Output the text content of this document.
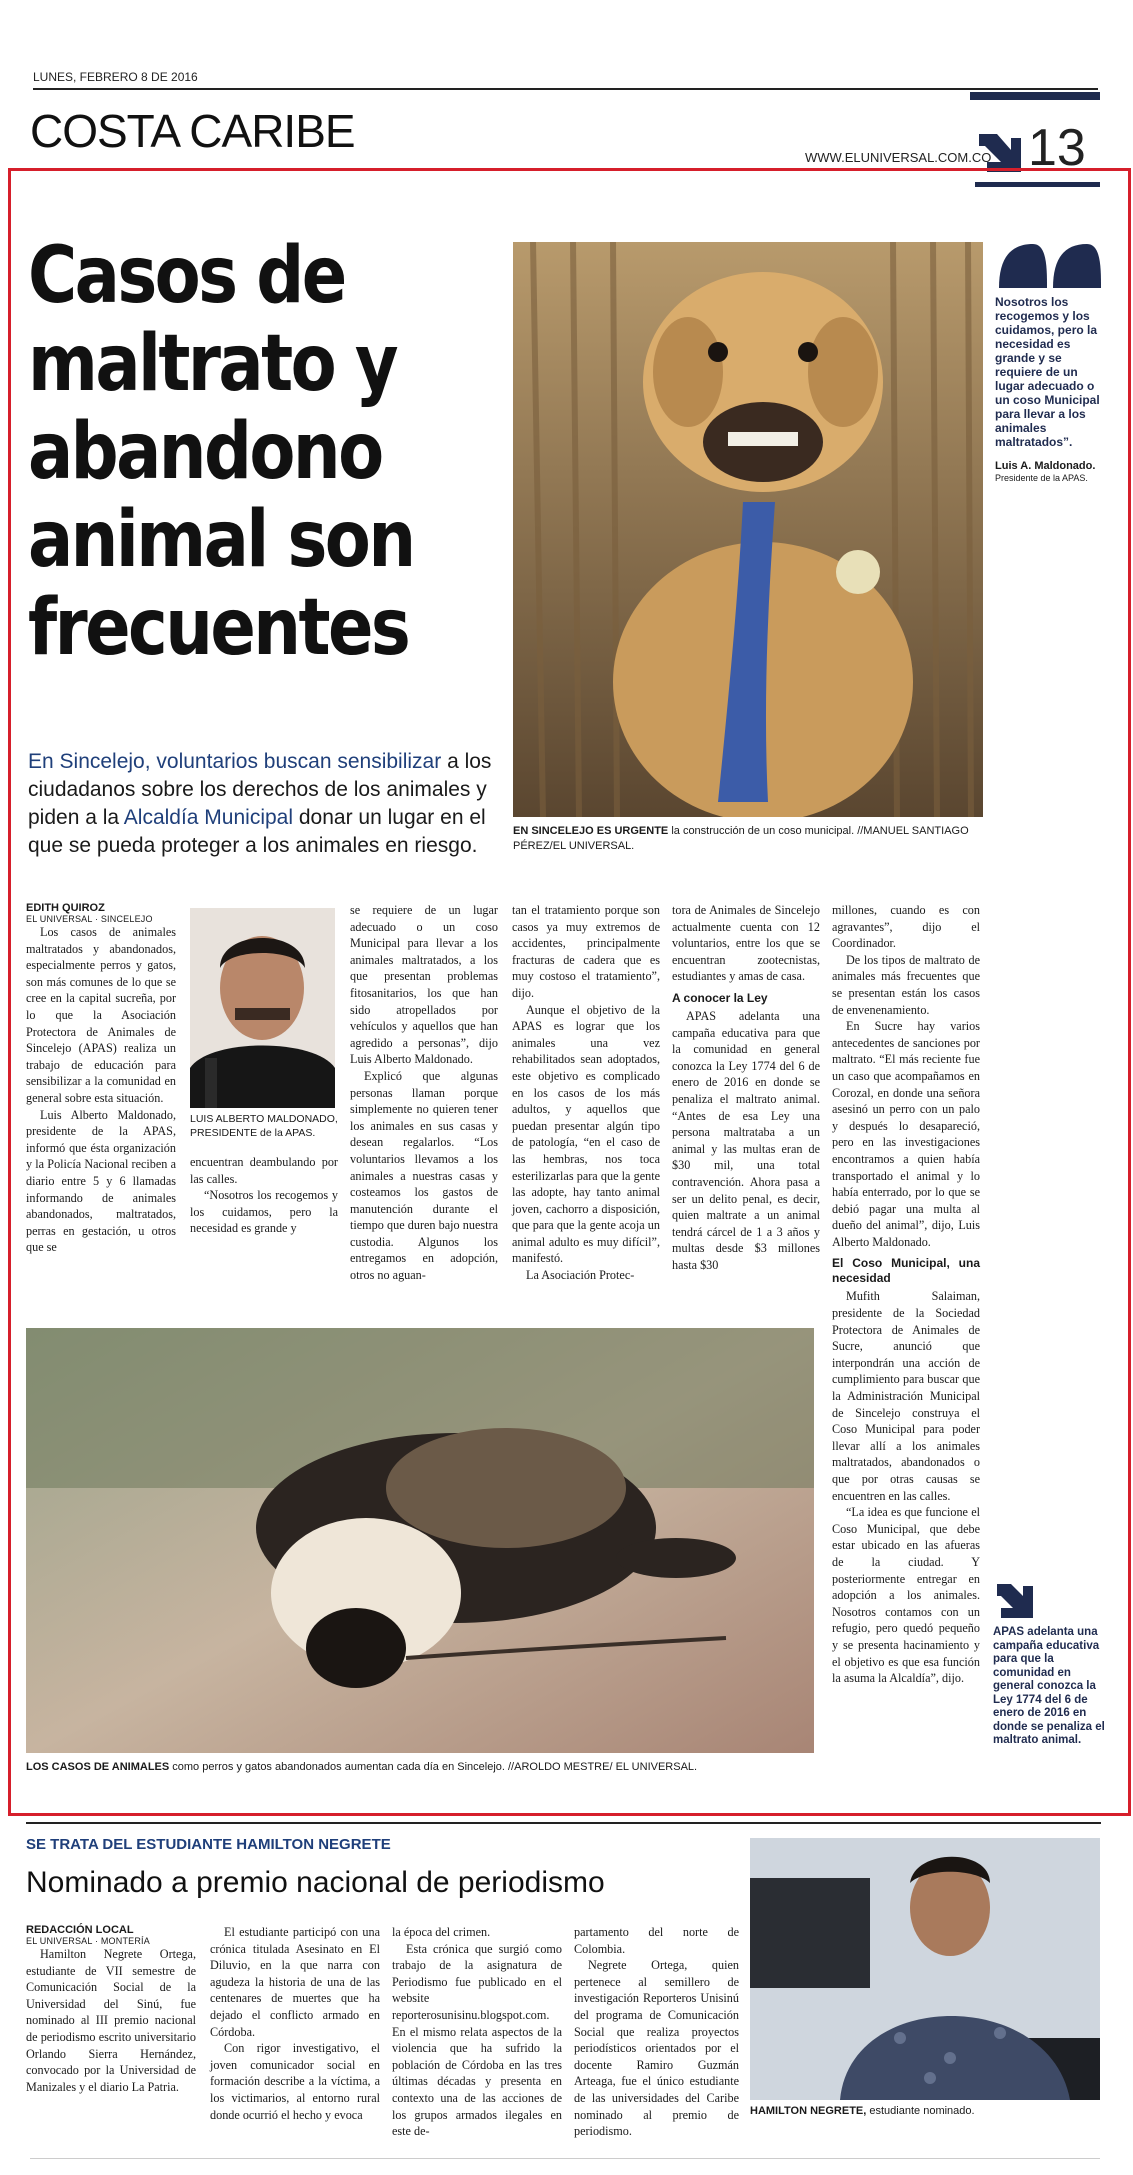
LUNES, FEBRERO 8 DE 2016
COSTA CARIBE
WWW.ELUNIVERSAL.COM.CO 13
Casos de maltrato y abandono animal son frecuentes
En Sincelejo, voluntarios buscan sensibilizar a los ciudadanos sobre los derechos de los animales y piden a la Alcaldía Municipal donar un lugar en el que se pueda proteger a los animales en riesgo.
EN SINCELEJO ES URGENTE la construcción de un coso municipal. //MANUEL SANTIAGO PÉREZ/EL UNIVERSAL.
Nosotros los recogemos y los cuidamos, pero la necesidad es grande y se requiere de un lugar adecuado o un coso Municipal para llevar a los animales maltratados”.
Luis A. Maldonado.
Presidente de la APAS.
EDITH QUIROZ
EL UNIVERSAL · SINCELEJO

Los casos de animales maltratados y abandonados, especialmente perros y gatos, son más comunes de lo que se cree en la capital sucreña, por lo que la Asociación Protectora de Animales de Sincelejo (APAS) realiza un trabajo de educación para sensibilizar a la comunidad en general sobre esta situación.

Luis Alberto Maldonado, presidente de la APAS, informó que ésta organización y la Policía Nacional reciben a diario entre 5 y 6 llamadas informando de animales abandonados, maltratados, perras en gestación, u otros que se

LUIS ALBERTO MALDONADO, PRESIDENTE de la APAS.

encuentran deambulando por las calles.

“Nosotros los recogemos y los cuidamos, pero la necesidad es grande y

se requiere de un lugar adecuado o un coso Municipal para llevar a los animales maltratados, a los que presentan problemas fitosanitarios, los que han sido atropellados por vehículos y aquellos que han agredido a personas”, dijo Luis Alberto Maldonado.

Explicó que algunas personas llaman porque simplemente no quieren tener los animales en sus casas y desean regalarlos. “Los voluntarios llevamos a los animales a nuestras casas y costeamos los gastos de manutención durante el tiempo que duren bajo nuestra custodia. Algunos los entregamos en adopción, otros no aguan-

tan el tratamiento porque son casos ya muy extremos de accidentes, principalmente fracturas de cadera que es muy costoso el tratamiento”, dijo.

Aunque el objetivo de la APAS es lograr que los animales una vez rehabilitados sean adoptados, este objetivo es complicado en los casos de los más adultos, y aquellos que puedan presentar algún tipo de patología, “en el caso de las hembras, nos toca esterilizarlas para que la gente las adopte, hay tanto animal joven, cachorro a disposición, que para que la gente acoja un animal adulto es muy difícil”, manifestó.

La Asociación Protec-

tora de Animales de Sincelejo actualmente cuenta con 12 voluntarios, entre los que se encuentran zootecnistas, estudiantes y amas de casa.

A conocer la Ley

APAS adelanta una campaña educativa para que la comunidad en general conozca la Ley 1774 del 6 de enero de 2016 en donde se penaliza el maltrato animal. “Antes de esa Ley una persona maltrataba a un animal y las multas eran de $30 mil, una total contravención. Ahora pasa a ser un delito penal, es decir, quien maltrate a un animal tendrá cárcel de 1 a 3 años y multas desde $3 millones hasta $30

millones, cuando es con agravantes”, dijo el Coordinador.

De los tipos de maltrato de animales más frecuentes que se presentan están los casos de envenenamiento.

En Sucre hay varios antecedentes de sanciones por maltrato. “El más reciente fue un caso que acompañamos en Corozal, en donde una señora asesinó un perro con un palo y después lo desapareció, pero en las investigaciones encontramos a quien había transportado el animal y lo había enterrado, por lo que se debió pagar una multa al dueño del animal”, dijo, Luis Alberto Maldonado.

El Coso Municipal, una necesidad

Mufith Salaiman, presidente de la Sociedad Protectora de Animales de Sucre, anunció que interpondrán una acción de cumplimiento para buscar que la Administración Municipal de Sincelejo construya el Coso Municipal para poder llevar allí a los animales maltratados, abandonados o que por otras causas se encuentren en las calles.

“La idea es que funcione el Coso Municipal, que debe estar ubicado en las afueras de la ciudad. Y posteriormente entregar en adopción a los animales. Nosotros contamos con un refugio, pero quedó pequeño y se presenta hacinamiento y el objetivo es que esa función la asuma la Alcaldía”, dijo.

LOS CASOS DE ANIMALES como perros y gatos abandonados aumentan cada día en Sincelejo. //AROLDO MESTRE/ EL UNIVERSAL.
APAS adelanta una campaña educativa para que la comunidad en general conozca la Ley 1774 del 6 de enero de 2016 en donde se penaliza el maltrato animal.
SE TRATA DEL ESTUDIANTE HAMILTON NEGRETE
Nominado a premio nacional de periodismo
REDACCIÓN LOCAL
EL UNIVERSAL · MONTERÍA

Hamilton Negrete Ortega, estudiante de VII semestre de Comunicación Social de la Universidad del Sinú, fue nominado al III premio nacional de periodismo escrito universitario Orlando Sierra Hernández, convocado por la Universidad de Manizales y el diario La Patria.

El estudiante participó con una crónica titulada Asesinato en El Diluvio, en la que narra con agudeza la historia de una de las centenares de muertes que ha dejado el conflicto armado en Córdoba.

Con rigor investigativo, el joven comunicador social en formación describe a la víctima, a los victimarios, al entorno rural donde ocurrió el hecho y evoca

la época del crimen.

Esta crónica que surgió como trabajo de la asignatura de Periodismo fue publicado en el website reporterosunisinu.blogspot.com. En el mismo relata aspectos de la violencia que ha sufrido la población de Córdoba en las tres últimas décadas y presenta en contexto una de las acciones de los grupos armados ilegales en este de-

partamento del norte de Colombia.

Negrete Ortega, quien pertenece al semillero de investigación Reporteros Unisinú del programa de Comunicación Social que realiza proyectos periodísticos orientados por el docente Ramiro Guzmán Arteaga, fue el único estudiante de las universidades del Caribe nominado al premio de periodismo.

HAMILTON NEGRETE, estudiante nominado.
